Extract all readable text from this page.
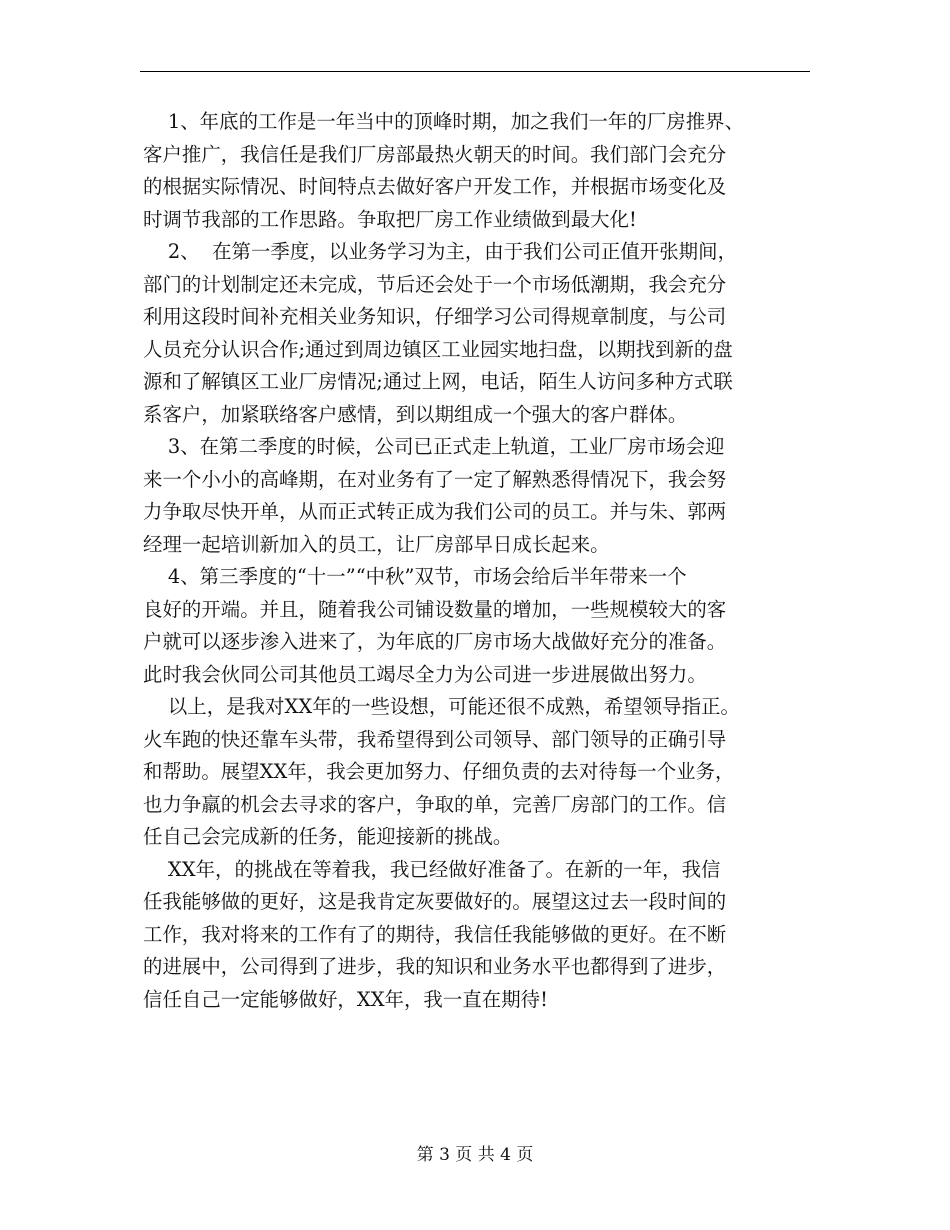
1、年底的工作是一年当中的顶峰时期，加之我们一年的厂房推界、
客户推广，我信任是我们厂房部最热火朝天的时间。我们部门会充分
的根据实际情况、时间特点去做好客户开发工作，并根据市场变化及
时调节我部的工作思路。争取把厂房工作业绩做到最大化!
2、  在第一季度，以业务学习为主，由于我们公司正值开张期间，
部门的计划制定还未完成，节后还会处于一个市场低潮期，我会充分
利用这段时间补充相关业务知识，仔细学习公司得规章制度，与公司
人员充分认识合作;通过到周边镇区工业园实地扫盘，以期找到新的盘
源和了解镇区工业厂房情况;通过上网，电话，陌生人访问多种方式联
系客户，加紧联络客户感情，到以期组成一个强大的客户群体。
3、在第二季度的时候，公司已正式走上轨道，工业厂房市场会迎
来一个小小的高峰期，在对业务有了一定了解熟悉得情况下，我会努
力争取尽快开单，从而正式转正成为我们公司的员工。并与朱、郭两
经理一起培训新加入的员工，让厂房部早日成长起来。
4、第三季度的“十一”“中秋”双节，市场会给后半年带来一个
良好的开端。并且，随着我公司铺设数量的增加，一些规模较大的客
户就可以逐步渗入进来了，为年底的厂房市场大战做好充分的准备。
此时我会伙同公司其他员工竭尽全力为公司进一步进展做出努力。
以上，是我对XX年的一些设想，可能还很不成熟，希望领导指正。
火车跑的快还靠车头带，我希望得到公司领导、部门领导的正确引导
和帮助。展望XX年，我会更加努力、仔细负责的去对待每一个业务，
也力争羸的机会去寻求的客户，争取的单，完善厂房部门的工作。信
任自己会完成新的任务，能迎接新的挑战。
XX年，的挑战在等着我，我已经做好准备了。在新的一年，我信
任我能够做的更好，这是我肯定灰要做好的。展望这过去一段时间的
工作，我对将来的工作有了的期待，我信任我能够做的更好。在不断
的进展中，公司得到了进步，我的知识和业务水平也都得到了进步，
信任自己一定能够做好，XX年，我一直在期待!
第 3 页 共 4 页
